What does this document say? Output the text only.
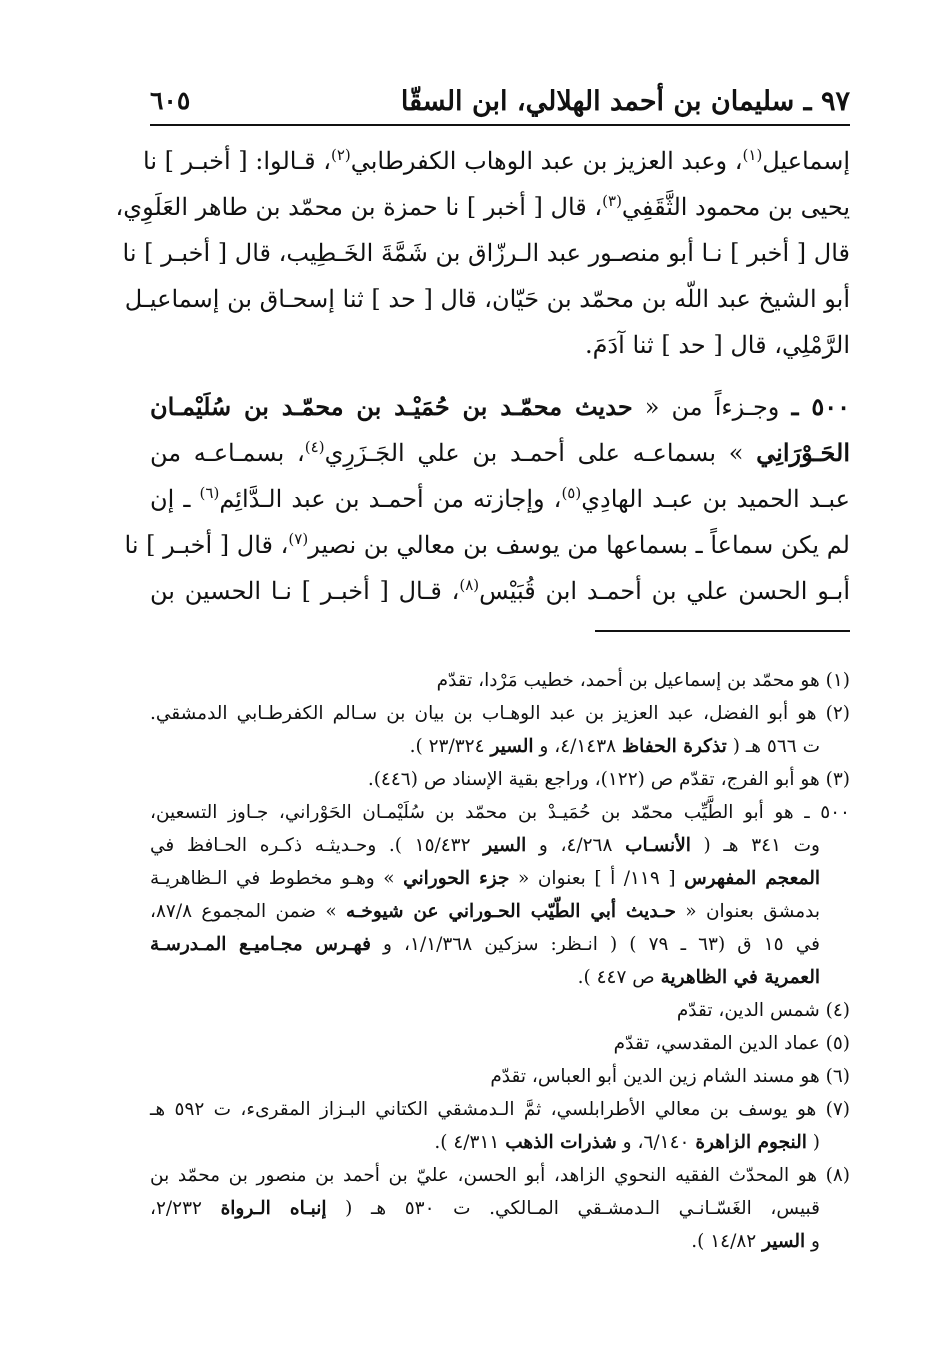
٩٧ ـ سليمان بن أحمد الهلالي، ابن السقّا
٦٠٥
إسماعيل$^{(١)}$، وعبد العزيز بن عبد الوهاب الكفرطابي$^{(٢)}$، قـالوا: [ أخبـر ] نا
يحيى بن محمود الثَّقَفِي$^{(٣)}$، قال [ أخبر ] نا حمزة بن محمّد بن طاهر العَلَوِي،
قال [ أخبر ] نـا أبو منصـور عبد الـرزّاق بن شَمَّةَ الخَـطِيب، قال [ أخبـر ] نا
أبو الشيخ عبد اللّه بن محمّد بن حَيّان، قال [ حد ] ثنا إسحـاق بن إسماعيـل
الرَّمْلِي، قال [ حد ] ثنا آدَمَ.
٥٠٠ ـ وجـزءاً من « حديث محمّـد بن حُمَيْـد بن محمّـد بن سُلَيْمـان
الحَـوْرَانِي » بسماعـه على أحمـد بن علي الجَـزَرِي$^{(٤)}$، بسمـاعـه من
عبـد الحميد بن عبـد الهادِي$^{(٥)}$، وإجازته من أحمـد بن عبد الـدَّائِم$^{(٦)}$ ـ إن
لم يكن سماعاً ـ بسماعها من يوسف بن معالي بن نصير$^{(٧)}$، قال [ أخبـر ] نا
أبـو الحسن علي بن أحمـد ابن قُبَيْس$^{(٨)}$، قـال [ أخبـر ] نـا الحسين بن
(١) هو محمّد بن إسماعيل بن أحمد، خطيب مَرْدا، تقدّم
(٢) هو أبو الفضل، عبد العزيز بن عبد الوهـاب بن بيان بن سـالم الكفرطـابي الدمشقي.
ت ٥٦٦ هـ ( تذكرة الحفاظ ٤/١٤٣٨، و السير ٢٣/٣٢٤ ).
(٣) هو أبو الفرج، تقدّم ص (١٢٢)، وراجع بقية الإسناد ص (٤٤٦).
٥٠٠ ـ هو أبو الطَّيِّب محمّد بن حُمَيـدْ بن محمّد بن سُلَيْمـان الحَوْراني، جـاوز التسعين،
وت ٣٤١ هـ ( الأنسـاب ٤/٢٦٨، و السير ١٥/٤٣٢ ). وحـديثـه ذكـره الحـافظ في
المعجم المفهرس [ ١١٩/ أ ] بعنوان « جزء الحوراني » وهـو مخطوط في الـظاهريـة
بدمشق بعنوان « حـديث أبي الطّيّب الحـوراني عن شيوخـه » ضمن المجموع ٨٧/٨،
في ١٥ ق (٦٣ ـ ٧٩ ) ( انـظر: سزكين ١/١/٣٦٨، و فهـرس مجـاميـع المـدرسـة
العمرية في الظاهرية ص ٤٤٧ ).
(٤) شمس الدين، تقدّم
(٥) عماد الدين المقدسي، تقدّم
(٦) هو مسند الشام زين الدين أبو العباس، تقدّم
(٧) هو يوسف بن معالي الأطرابلسي، ثمَّ الـدمشقي الكتاني البـزاز المقرىء، ت ٥٩٢ هـ
( النجوم الزاهرة ٦/١٤٠، و شذرات الذهب ٤/٣١١ ).
(٨) هو المحدّث الفقيه النحوي الزاهد، أبو الحسن، عليّ بن أحمد بن منصور بن محمّد بن
قبيس، الغَسّـانـي الـدمشـقي المـالكي. ت ٥٣٠ هـ ( إنبـاه الـرواة ٢/٢٣٢،
و السير ١٤/٨٢ ).
